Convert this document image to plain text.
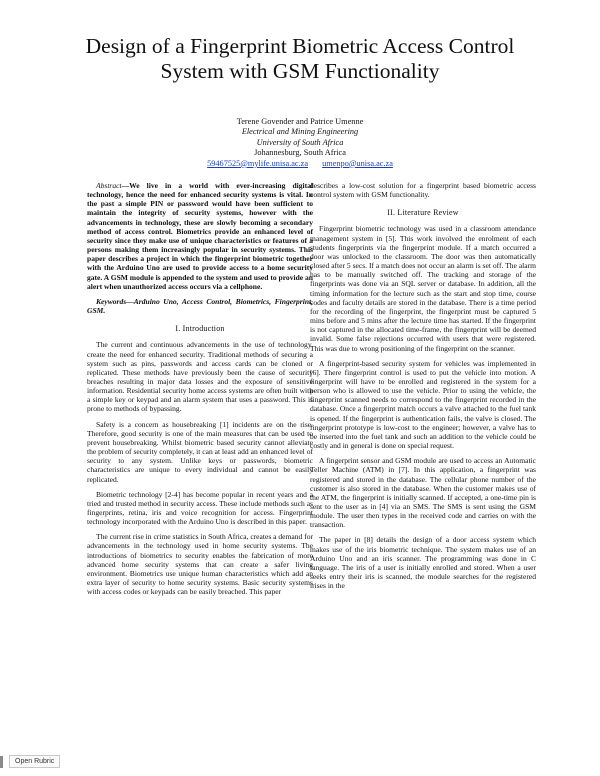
Design of a Fingerprint Biometric Access Control
System with GSM Functionality
Terene Govender and Patrice Umenne
Electrical and Mining Engineering
University of South Africa
Johannesburg, South Africa
59467525@mylife.unisa.ac.za umenpo@unisa.ac.za

Abstract—We live in a world with ever-increasing digital technology, hence the need for enhanced security systems is vital. In the past a simple PIN or password would have been sufficient to maintain the integrity of security systems, however with the advancements in technology, these are slowly becoming a secondary method of access control. Biometrics provide an enhanced level of security since they make use of unique characteristics or features of a persons making them increasingly popular in security systems. This paper describes a project in which the fingerprint biometric together with the Arduino Uno are used to provide access to a home security gate. A GSM module is appended to the system and used to provide an alert when unauthorized access occurs via a cellphone.

Keywords—Arduino Uno, Access Control, Biometrics, Fingerprint, GSM.

I. Introduction

The current and continuous advancements in the use of technology, create the need for enhanced security. Traditional methods of securing a system such as pins, passwords and access cards can be cloned or replicated. These methods have previously been the cause of security breaches resulting in major data losses and the exposure of sensitive information. Residential security home access systems are often built with a simple key or keypad and an alarm system that uses a password. This is prone to methods of bypassing.

Safety is a concern as housebreaking [1] incidents are on the rise. Therefore, good security is one of the main measures that can be used to prevent housebreaking. Whilst biometric based security cannot alleviate the problem of security completely, it can at least add an enhanced level of security to any system. Unlike keys or passwords, biometric characteristics are unique to every individual and cannot be easily replicated.

Biometric technology [2-4] has become popular in recent years and a tried and trusted method in security access. These include methods such as fingerprints, retina, iris and voice recognition for access. Fingerprint technology incorporated with the Arduino Uno is described in this paper.

The current rise in crime statistics in South Africa, creates a demand for advancements in the technology used in home security systems. The introductions of biometrics to security enables the fabrication of more advanced home security systems that can create a safer living environment. Biometrics use unique human characteristics which add an extra layer of security to home security systems. Basic security systems with access codes or keypads can be easily breached. This paper

describes a low-cost solution for a fingerprint based biometric access control system with GSM functionality.

II. Literature Review

Fingerprint biometric technology was used in a classroom attendance management system in [5]. This work involved the enrolment of each students fingerprints via the fingerprint module. If a match occurred a door was unlocked to the classroom. The door was then automatically closed after 5 secs. If a match does not occur an alarm is set off. The alarm has to be manually switched off. The tracking and storage of the fingerprints was done via an SQL server or database. In addition, all the timing information for the lecture such as the start and stop time, course codes and faculty details are stored in the database. There is a time period for the recording of the fingerprint, the fingerprint must be captured 5 mins before and 5 mins after the lecture time has started. If the fingerprint is not captured in the allocated time-frame, the fingerprint will be deemed invalid. Some false rejections occurred with users that were registered. This was due to wrong positioning of the fingerprint on the scanner.

A fingerprint-based security system for vehicles was implemented in [6]. There fingerprint control is used to put the vehicle into motion. A fingerprint will have to be enrolled and registered in the system for a person who is allowed to use the vehicle. Prior to using the vehicle, the fingerprint scanned needs to correspond to the fingerprint recorded in the database. Once a fingerprint match occurs a valve attached to the fuel tank is opened. If the fingerprint is authentication fails, the valve is closed. The fingerprint prototype is low-cost to the engineer; however, a valve has to be inserted into the fuel tank and such an addition to the vehicle could be costly and in general is done on special request.

A fingerprint sensor and GSM module are used to access an Automatic Teller Machine (ATM) in [7]. In this application, a fingerprint was registered and stored in the database. The cellular phone number of the customer is also stored in the database. When the customer makes use of the ATM, the fingerprint is initially scanned. If accepted, a one-time pin is sent to the user as in [4] via an SMS. The SMS is sent using the GSM module. The user then types in the received code and carries on with the transaction.

The paper in [8] details the design of a door access system which makes use of the iris biometric technique. The system makes use of an Arduino Uno and an iris scanner. The programming was done in C language. The iris of a user is initially enrolled and stored. When a user seeks entry their iris is scanned, the module searches for the registered irises in the

Open Rubric
